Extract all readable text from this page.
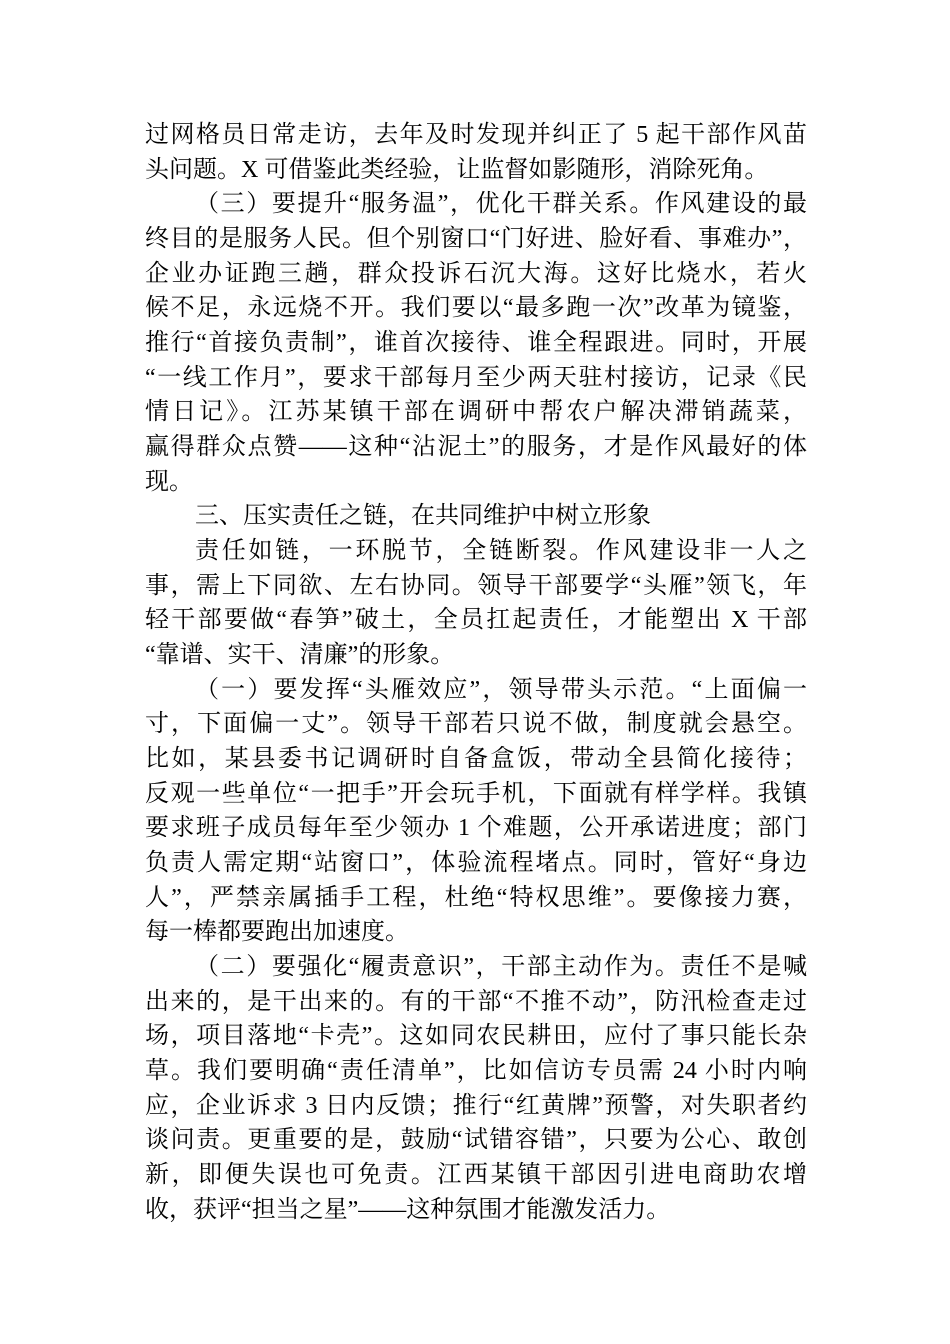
过网格员日常走访，去年及时发现并纠正了 5 起干部作风苗
头问题。X 可借鉴此类经验，让监督如影随形，消除死角。
（三）要提升“服务温”，优化干群关系。作风建设的最
终目的是服务人民。但个别窗口“门好进、脸好看、事难办”，
企业办证跑三趟，群众投诉石沉大海。这好比烧水，若火
候不足，永远烧不开。我们要以“最多跑一次”改革为镜鉴，
推行“首接负责制”，谁首次接待、谁全程跟进。同时，开展
“一线工作月”，要求干部每月至少两天驻村接访，记录《民
情日记》。江苏某镇干部在调研中帮农户解决滞销蔬菜，
赢得群众点赞——这种“沾泥土”的服务，才是作风最好的体
现。
三、压实责任之链，在共同维护中树立形象
责任如链，一环脱节，全链断裂。作风建设非一人之
事，需上下同欲、左右协同。领导干部要学“头雁”领飞，年
轻干部要做“春笋”破土，全员扛起责任，才能塑出 X 干部
“靠谱、实干、清廉”的形象。
（一）要发挥“头雁效应”，领导带头示范。“上面偏一
寸，下面偏一丈”。领导干部若只说不做，制度就会悬空。
比如，某县委书记调研时自备盒饭，带动全县简化接待；
反观一些单位“一把手”开会玩手机，下面就有样学样。我镇
要求班子成员每年至少领办 1 个难题，公开承诺进度；部门
负责人需定期“站窗口”，体验流程堵点。同时，管好“身边
人”，严禁亲属插手工程，杜绝“特权思维”。要像接力赛，
每一棒都要跑出加速度。
（二）要强化“履责意识”，干部主动作为。责任不是喊
出来的，是干出来的。有的干部“不推不动”，防汛检查走过
场，项目落地“卡壳”。这如同农民耕田，应付了事只能长杂
草。我们要明确“责任清单”，比如信访专员需 24 小时内响
应，企业诉求 3 日内反馈；推行“红黄牌”预警，对失职者约
谈问责。更重要的是，鼓励“试错容错”，只要为公心、敢创
新，即便失误也可免责。江西某镇干部因引进电商助农增
收，获评“担当之星”——这种氛围才能激发活力。
